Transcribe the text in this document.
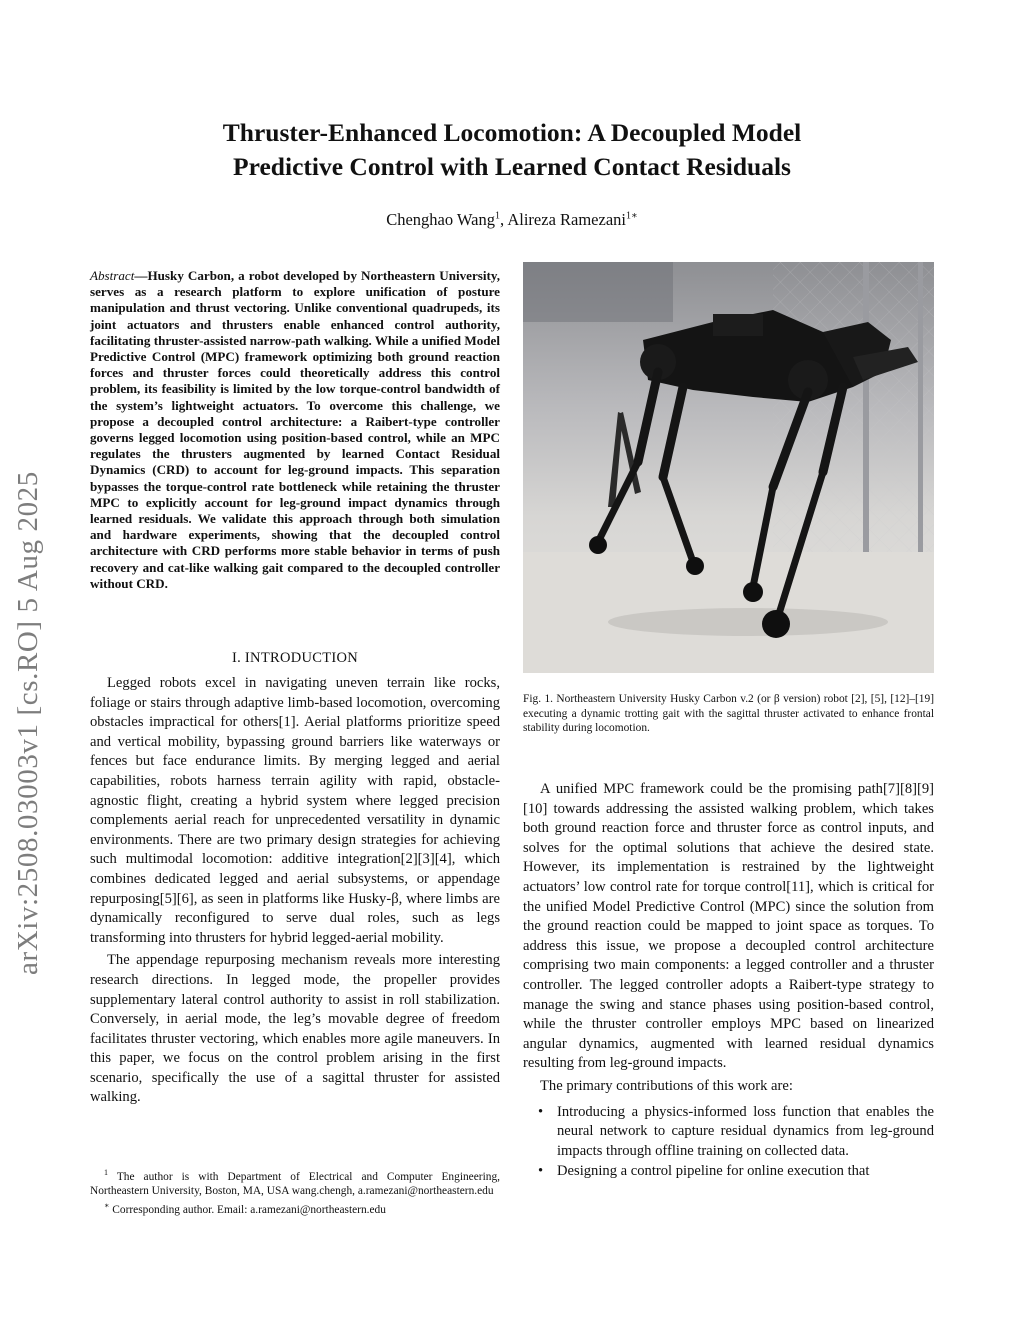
arXiv:2508.03003v1 [cs.RO] 5 Aug 2025
Thruster-Enhanced Locomotion: A Decoupled Model
Predictive Control with Learned Contact Residuals
Chenghao Wang$^1$, Alireza Ramezani$^{1∗}$
Abstract—Husky Carbon, a robot developed by Northeastern University, serves as a research platform to explore unification of posture manipulation and thrust vectoring. Unlike conventional quadrupeds, its joint actuators and thrusters enable enhanced control authority, facilitating thruster-assisted narrow-path walking. While a unified Model Predictive Control (MPC) framework optimizing both ground reaction forces and thruster forces could theoretically address this control problem, its feasibility is limited by the low torque-control bandwidth of the system’s lightweight actuators. To overcome this challenge, we propose a decoupled control architecture: a Raibert-type controller governs legged locomotion using position-based control, while an MPC regulates the thrusters augmented by learned Contact Residual Dynamics (CRD) to account for leg-ground impacts. This separation bypasses the torque-control rate bottleneck while retaining the thruster MPC to explicitly account for leg-ground impact dynamics through learned residuals. We validate this approach through both simulation and hardware experiments, showing that the decoupled control architecture with CRD performs more stable behavior in terms of push recovery and cat-like walking gait compared to the decoupled controller without CRD.
I. INTRODUCTION

Legged robots excel in navigating uneven terrain like rocks, foliage or stairs through adaptive limb-based locomotion, overcoming obstacles impractical for others[1]. Aerial platforms prioritize speed and vertical mobility, bypassing ground barriers like waterways or fences but face endurance limits. By merging legged and aerial capabilities, robots harness terrain agility with rapid, obstacle-agnostic flight, creating a hybrid system where legged precision complements aerial reach for unprecedented versatility in dynamic environments. There are two primary design strategies for achieving such multimodal locomotion: additive integration[2][3][4], which combines dedicated legged and aerial subsystems, or appendage repurposing[5][6], as seen in platforms like Husky-β, where limbs are dynamically reconfigured to serve dual roles, such as legs transforming into thrusters for hybrid legged-aerial mobility.

The appendage repurposing mechanism reveals more interesting research directions. In legged mode, the propeller provides supplementary lateral control authority to assist in roll stabilization. Conversely, in aerial mode, the leg’s movable degree of freedom facilitates thruster vectoring, which enables more agile maneuvers. In this paper, we focus on the control problem arising in the first scenario, specifically the use of a sagittal thruster for assisted walking.

$^1$ The author is with Department of Electrical and Computer Engineering, Northeastern University, Boston, MA, USA wang.chengh, a.ramezani@northeastern.edu

∗ Corresponding author. Email: a.ramezani@northeastern.edu

Fig. 1. Northeastern University Husky Carbon v.2 (or β version) robot [2], [5], [12]–[19] executing a dynamic trotting gait with the sagittal thruster activated to enhance frontal stability during locomotion.

A unified MPC framework could be the promising path[7][8][9][10] towards addressing the assisted walking problem, which takes both ground reaction force and thruster force as control inputs, and solves for the optimal solutions that achieve the desired state. However, its implementation is restrained by the lightweight actuators’ low control rate for torque control[11], which is critical for the unified Model Predictive Control (MPC) since the solution from the ground reaction could be mapped to joint space as torques. To address this issue, we propose a decoupled control architecture comprising two main components: a legged controller and a thruster controller. The legged controller adopts a Raibert-type strategy to manage the swing and stance phases using position-based control, while the thruster controller employs MPC based on linearized angular dynamics, augmented with learned residual dynamics resulting from leg-ground impacts.

The primary contributions of this work are:

• Introducing a physics-informed loss function that enables the neural network to capture residual dynamics from leg-ground impacts through offline training on collected data.
• Designing a control pipeline for online execution that
